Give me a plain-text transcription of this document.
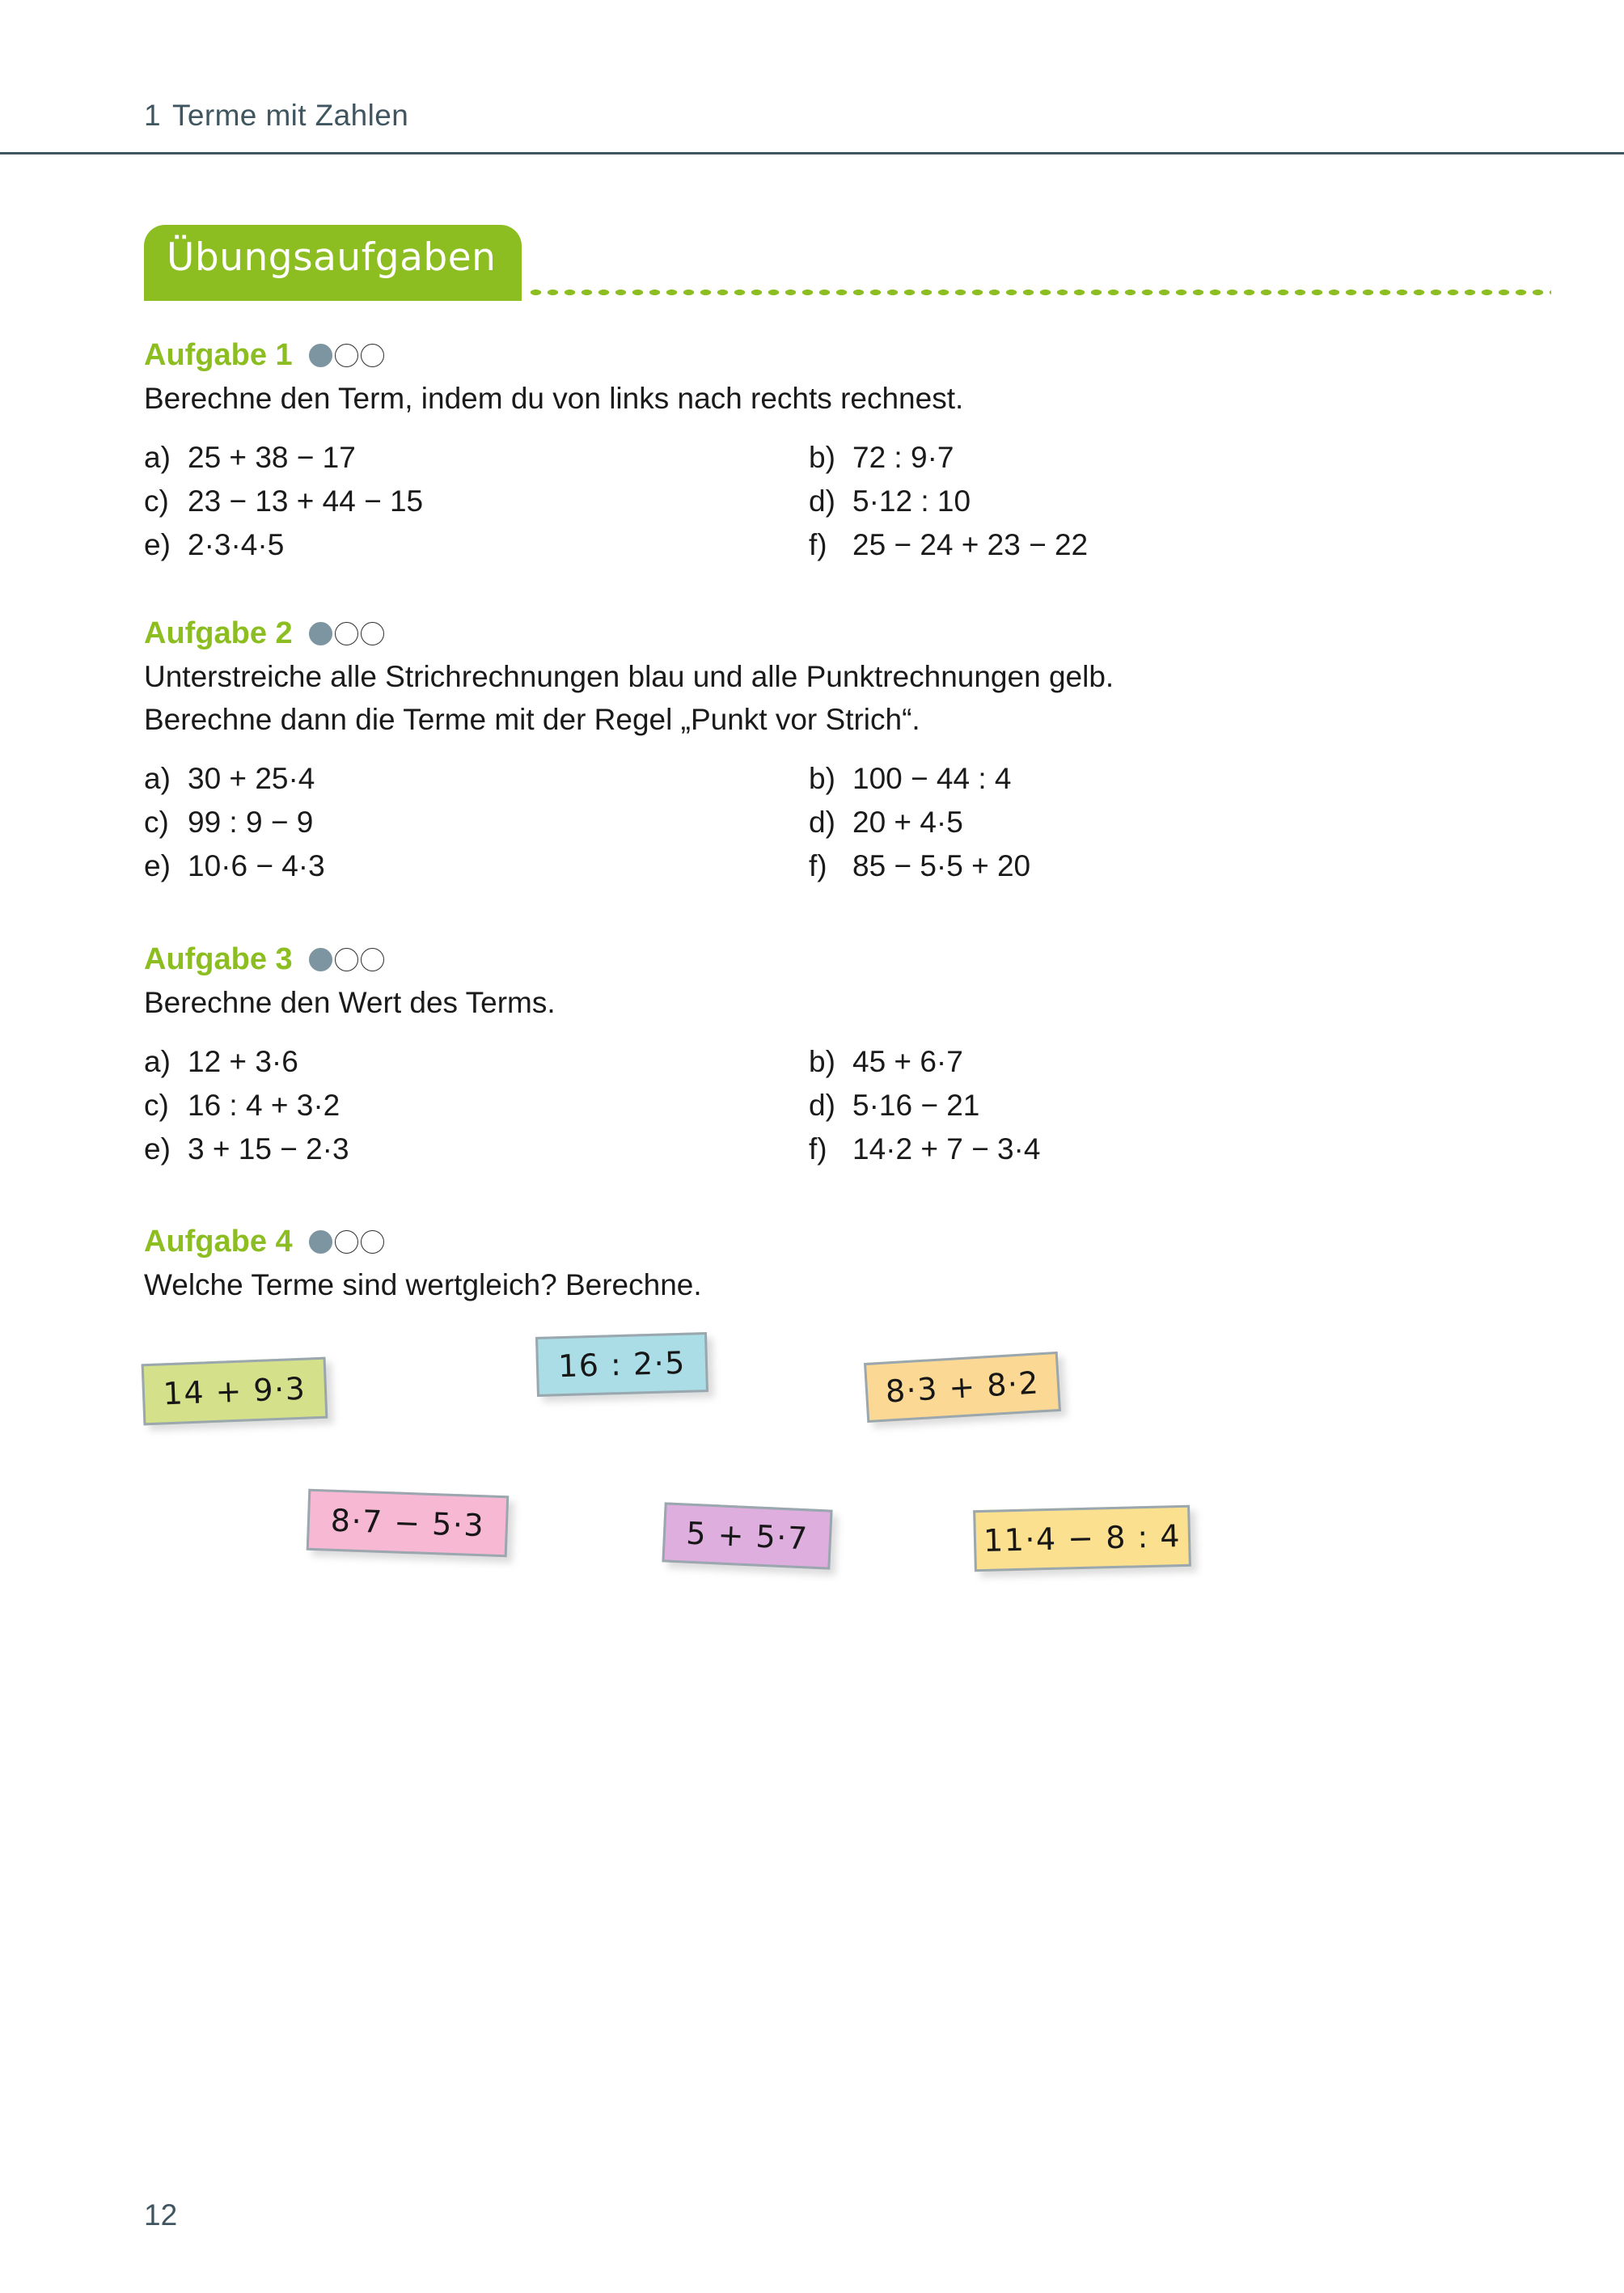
1 Terme mit Zahlen
Übungsaufgaben
Aufgabe 1
Berechne den Term, indem du von links nach rechts rechnest.
a) 25 + 38 − 17	b) 72 : 9·7
c) 23 − 13 + 44 − 15	d) 5·12 : 10
e) 2·3·4·5	f) 25 − 24 + 23 − 22
Aufgabe 2
Unterstreiche alle Strichrechnungen blau und alle Punktrechnungen gelb.
Berechne dann die Terme mit der Regel „Punkt vor Strich“.
a) 30 + 25·4	b) 100 − 44 : 4
c) 99 : 9 − 9	d) 20 + 4·5
e) 10·6 − 4·3	f) 85 − 5·5 + 20
Aufgabe 3
Berechne den Wert des Terms.
a) 12 + 3·6	b) 45 + 6·7
c) 16 : 4 + 3·2	d) 5·16 − 21
e) 3 + 15 − 2·3	f) 14·2 + 7 − 3·4
Aufgabe 4
Welche Terme sind wertgleich? Berechne.
14 + 9·3
16 : 2·5
8·3 + 8·2
8·7 − 5·3	5 + 5·7	11·4 − 8 : 4
12
